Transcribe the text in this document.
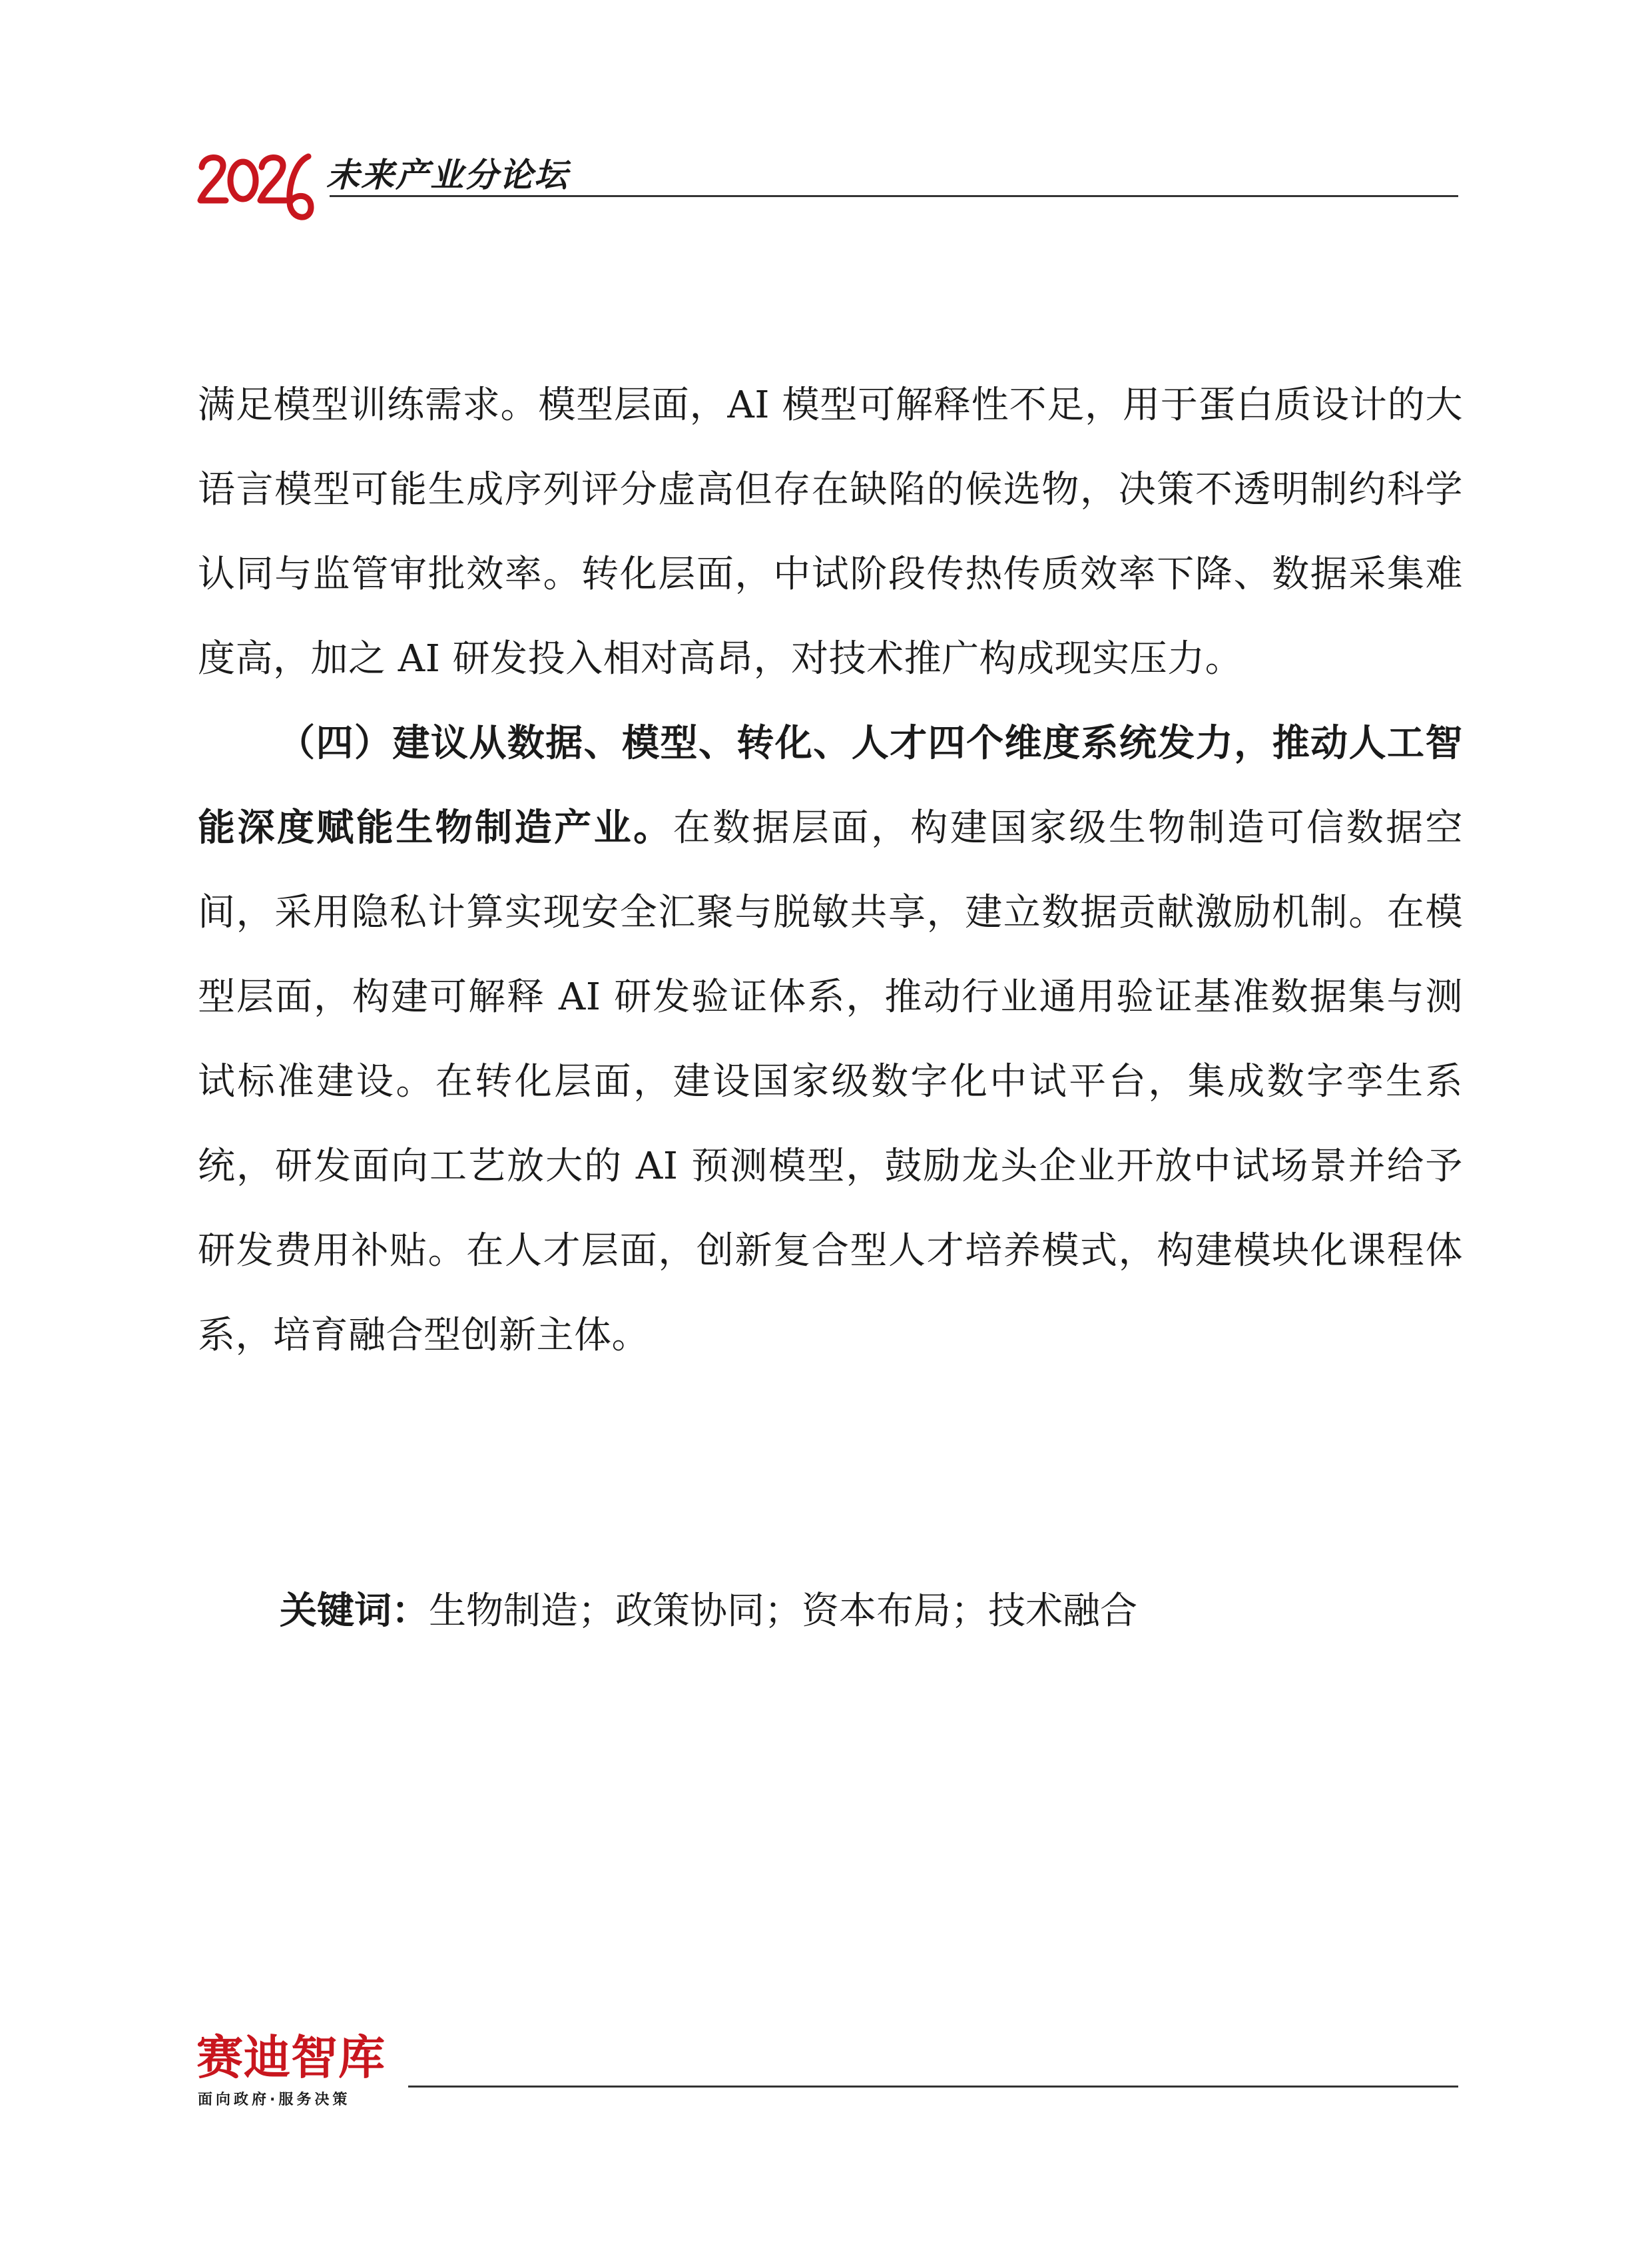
未来产业分论坛

满足模型训练需求。模型层面，AI 模型可解释性不足，用于蛋白质设计的大语言模型可能生成序列评分虚高但存在缺陷的候选物，决策不透明制约科学认同与监管审批效率。转化层面，中试阶段传热传质效率下降、数据采集难度高，加之 AI 研发投入相对高昂，对技术推广构成现实压力。

（四）建议从数据、模型、转化、人才四个维度系统发力，推动人工智能深度赋能生物制造产业。在数据层面，构建国家级生物制造可信数据空间，采用隐私计算实现安全汇聚与脱敏共享，建立数据贡献激励机制。在模型层面，构建可解释 AI 研发验证体系，推动行业通用验证基准数据集与测试标准建设。在转化层面，建设国家级数字化中试平台，集成数字孪生系统，研发面向工艺放大的 AI 预测模型，鼓励龙头企业开放中试场景并给予研发费用补贴。在人才层面，创新复合型人才培养模式，构建模块化课程体系，培育融合型创新主体。

关键词：生物制造；政策协同；资本布局；技术融合
赛迪智库
面向政府·服务决策
